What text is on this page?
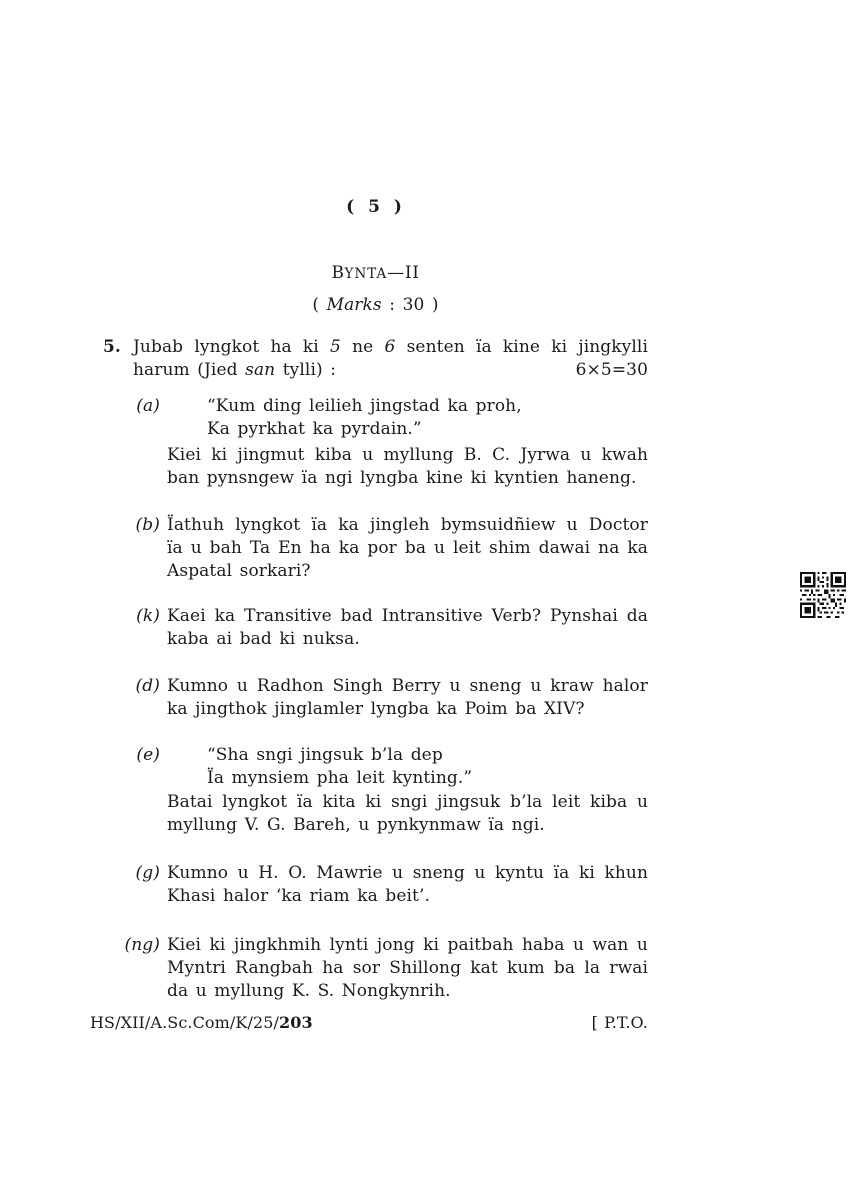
( 5 )
BYNTA—II
( Marks : 30 )
5. Jubab lyngkot ha ki 5 ne 6 senten ïa kine ki jingkylli
harum (Jied san tylli) :	6×5=30
(a)	“Kum ding leilieh jingstad ka proh,
Ka pyrkhat ka pyrdain.”
Kiei ki jingmut kiba u myllung B. C. Jyrwa u kwah
ban pynsngew ïa ngi lyngba kine ki kyntien haneng.
(b) Ïathuh lyngkot ïa ka jingleh bymsuidñiew u Doctor
ïa u bah Ta En ha ka por ba u leit shim dawai na ka
Aspatal sorkari?
(k) Kaei ka Transitive bad Intransitive Verb? Pynshai da
kaba ai bad ki nuksa.
(d) Kumno u Radhon Singh Berry u sneng u kraw halor
ka jingthok jinglamler lyngba ka Poim ba XIV?
(e)	“Sha sngi jingsuk b’la dep
Ïa mynsiem pha leit kynting.”
Batai lyngkot ïa kita ki sngi jingsuk b’la leit kiba u
myllung V. G. Bareh, u pynkynmaw ïa ngi.
(g) Kumno u H. O. Mawrie u sneng u kyntu ïa ki khun
Khasi halor ‘ka riam ka beit’.
(ng) Kiei ki jingkhmih lynti jong ki paitbah haba u wan u
Myntri Rangbah ha sor Shillong kat kum ba la rwai
da u myllung K. S. Nongkynrih.
HS/XII/A.Sc.Com/K/25/203	[ P.T.O.
